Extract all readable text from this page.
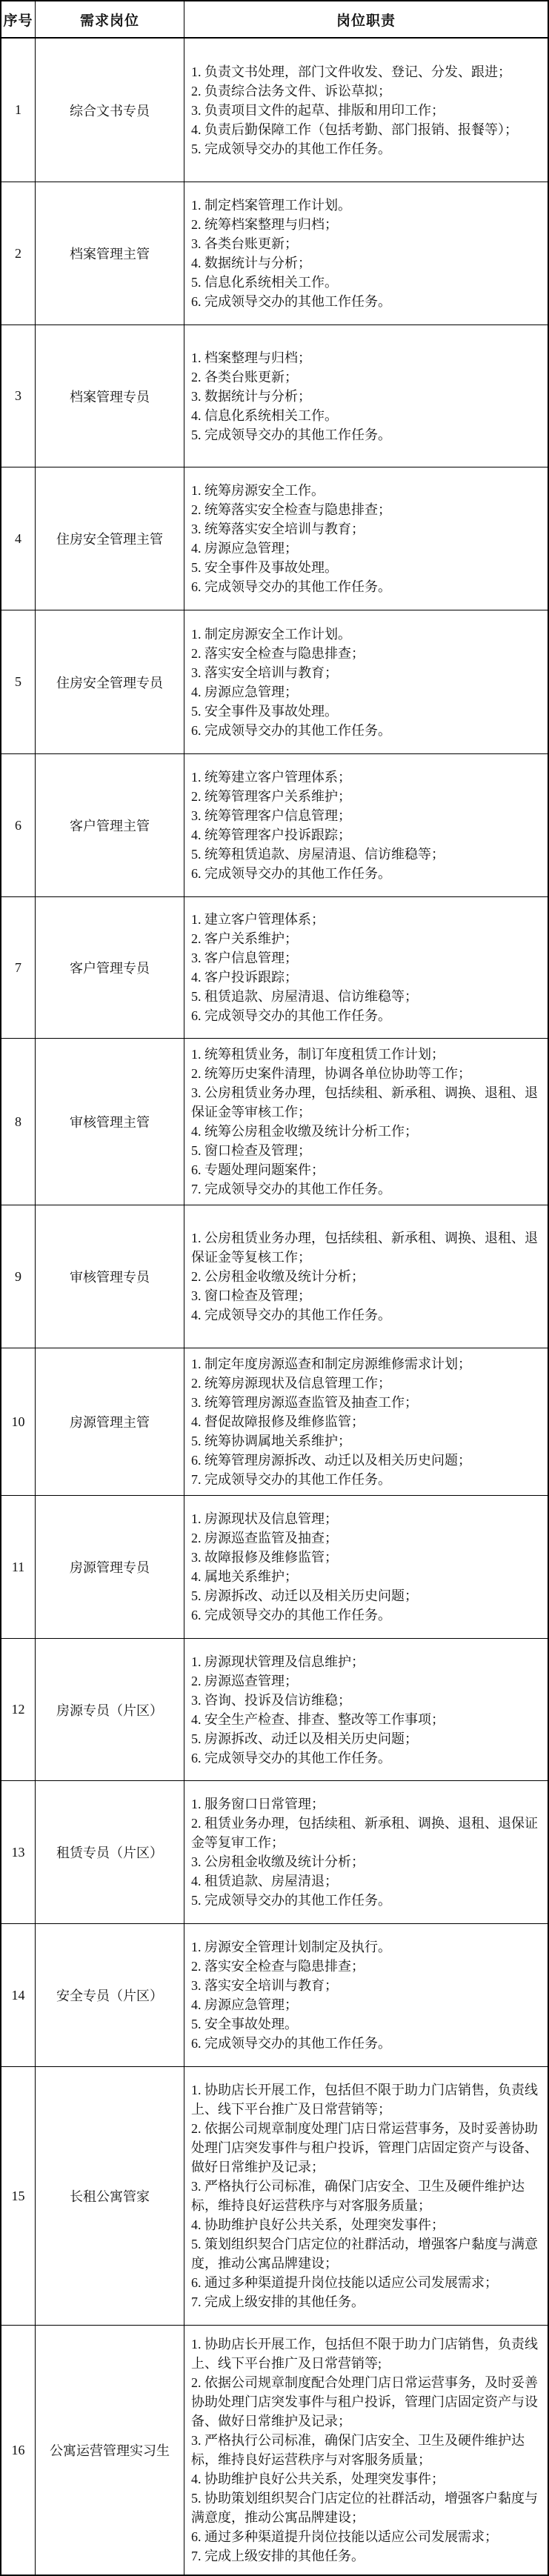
序号	需求岗位	岗位职责
1	综合文书专员
1. 负责文书处理，部门文件收发、登记、分发、跟进；
2. 负责综合法务文件、诉讼草拟；
3. 负责项目文件的起草、排版和用印工作；
4. 负责后勤保障工作（包括考勤、部门报销、报餐等）；
5. 完成领导交办的其他工作任务。
2	档案管理主管
1. 制定档案管理工作计划。
2. 统筹档案整理与归档；
3. 各类台账更新；
4. 数据统计与分析；
5. 信息化系统相关工作。
6. 完成领导交办的其他工作任务。
3	档案管理专员
1. 档案整理与归档；
2. 各类台账更新；
3. 数据统计与分析；
4. 信息化系统相关工作。
5. 完成领导交办的其他工作任务。
4	住房安全管理主管
1. 统筹房源安全工作。
2. 统筹落实安全检查与隐患排查；
3. 统筹落实安全培训与教育；
4. 房源应急管理；
5. 安全事件及事故处理。
6. 完成领导交办的其他工作任务。
5	住房安全管理专员
1. 制定房源安全工作计划。
2. 落实安全检查与隐患排查；
3. 落实安全培训与教育；
4. 房源应急管理；
5. 安全事件及事故处理。
6. 完成领导交办的其他工作任务。
6	客户管理主管
1. 统筹建立客户管理体系；
2. 统筹管理客户关系维护；
3. 统筹管理客户信息管理；
4. 统筹管理客户投诉跟踪；
5. 统筹租赁追款、房屋清退、信访维稳等；
6. 完成领导交办的其他工作任务。
7	客户管理专员
1. 建立客户管理体系；
2. 客户关系维护；
3. 客户信息管理；
4. 客户投诉跟踪；
5. 租赁追款、房屋清退、信访维稳等；
6. 完成领导交办的其他工作任务。
8	审核管理主管
1. 统筹租赁业务，制订年度租赁工作计划；
2. 统筹历史案件清理，协调各单位协助等工作；
3. 公房租赁业务办理，包括续租、新承租、调换、退租、退保证金等审核工作；
4. 统筹公房租金收缴及统计分析工作；
5. 窗口检查及管理；
6. 专题处理问题案件；
7. 完成领导交办的其他工作任务。
9	审核管理专员
1. 公房租赁业务办理，包括续租、新承租、调换、退租、退保证金等复核工作；
2. 公房租金收缴及统计分析；
3. 窗口检查及管理；
4. 完成领导交办的其他工作任务。
10	房源管理主管
1. 制定年度房源巡查和制定房源维修需求计划；
2. 统筹房源现状及信息管理工作；
3. 统筹管理房源巡查监管及抽查工作；
4. 督促故障报修及维修监管；
5. 统筹协调属地关系维护；
6. 统筹管理房源拆改、动迁以及相关历史问题；
7. 完成领导交办的其他工作任务。
11	房源管理专员
1. 房源现状及信息管理；
2. 房源巡查监管及抽查；
3. 故障报修及维修监管；
4. 属地关系维护；
5. 房源拆改、动迁以及相关历史问题；
6. 完成领导交办的其他工作任务。
12	房源专员（片区）
1. 房源现状管理及信息维护；
2. 房源巡查管理；
3. 咨询、投诉及信访维稳；
4. 安全生产检查、排查、整改等工作事项；
5. 房源拆改、动迁以及相关历史问题；
6. 完成领导交办的其他工作任务。
13	租赁专员（片区）
1. 服务窗口日常管理；
2. 租赁业务办理，包括续租、新承租、调换、退租、退保证金等复审工作；
3. 公房租金收缴及统计分析；
4. 租赁追款、房屋清退；
5. 完成领导交办的其他工作任务。
14	安全专员（片区）
1. 房源安全管理计划制定及执行。
2. 落实安全检查与隐患排查；
3. 落实安全培训与教育；
4. 房源应急管理；
5. 安全事故处理。
6. 完成领导交办的其他工作任务。
15	长租公寓管家
1. 协助店长开展工作，包括但不限于助力门店销售，负责线上、线下平台推广及日常营销等；
2. 依据公司规章制度处理门店日常运营事务，及时妥善协助处理门店突发事件与租户投诉，管理门店固定资产与设备、做好日常维护及记录；
3. 严格执行公司标准，确保门店安全、卫生及硬件维护达标，维持良好运营秩序与对客服务质量；
4. 协助维护良好公共关系，处理突发事件；
5. 策划组织契合门店定位的社群活动，增强客户黏度与满意度，推动公寓品牌建设；
6. 通过多种渠道提升岗位技能以适应公司发展需求；
7. 完成上级安排的其他任务。
16	公寓运营管理实习生
1. 协助店长开展工作，包括但不限于助力门店销售，负责线上、线下平台推广及日常营销等;
2. 依据公司规章制度配合处理门店日常运营事务，及时妥善协助处理门店突发事件与租户投诉，管理门店固定资产与设备、做好日常维护及记录；
3. 严格执行公司标准，确保门店安全、卫生及硬件维护达标，维持良好运营秩序与对客服务质量；
4. 协助维护良好公共关系，处理突发事件；
5. 协助策划组织契合门店定位的社群活动，增强客户黏度与满意度，推动公寓品牌建设；
6. 通过多种渠道提升岗位技能以适应公司发展需求；
7. 完成上级安排的其他任务。
